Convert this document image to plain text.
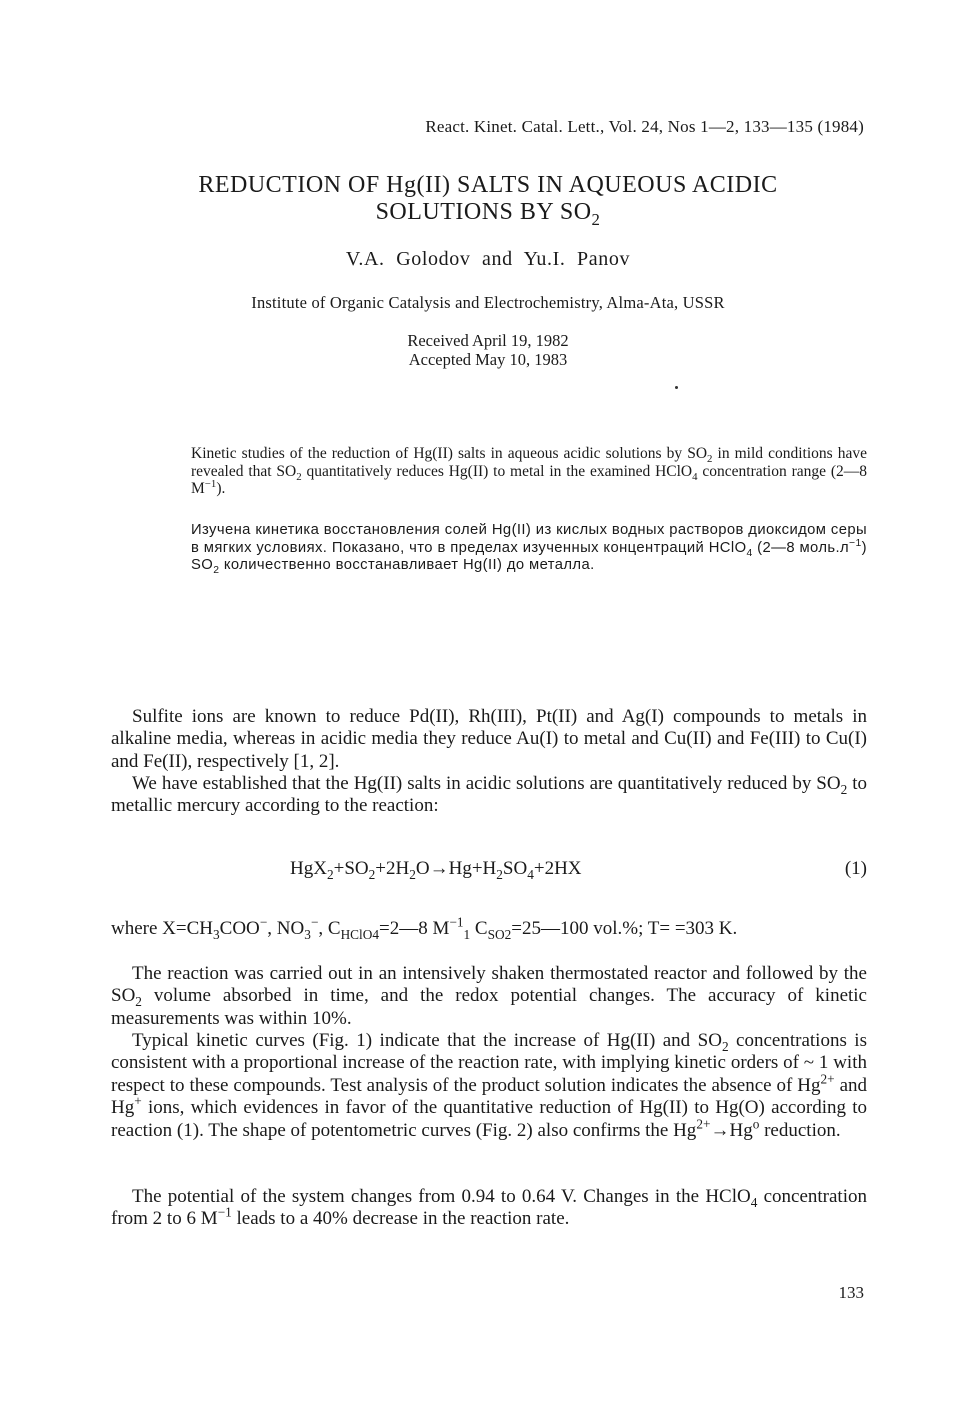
React. Kinet. Catal. Lett., Vol. 24, Nos 1—2, 133—135 (1984)
REDUCTION OF Hg(II) SALTS IN AQUEOUS ACIDIC
SOLUTIONS BY $SO_2$
V.A. Golodov and Yu.I. Panov
Institute of Organic Catalysis and Electrochemistry, Alma-Ata, USSR
Received April 19, 1982
Accepted May 10, 1983
Kinetic studies of the reduction of Hg(II) salts in aqueous acidic solutions by $SO_2$ in mild conditions have revealed that $SO_2$ quantitatively reduces Hg(II) to metal in the examined HClO$_4$ concentration range (2—8 $M^{-1}$).
Изучена кинетика восстановления солей Hg(II) из кислых водных растворов диоксидом серы в мягких условиях. Показано, что в пределах изученных концентраций HClO$_4$ (2—8 $моль.л^{-1}$) $SO_2$ количественно восстанавливает Hg(II) до металла.
Sulfite ions are known to reduce Pd(II), Rh(III), Pt(II) and Ag(I) compounds to metals in alkaline media, whereas in acidic media they reduce Au(I) to metal and Cu(II) and Fe(III) to Cu(I) and Fe(II), respectively [1, 2].
We have established that the Hg(II) salts in acidic solutions are quantitatively reduced by $SO_2$ to metallic mercury according to the reaction:
$HgX_2+SO_2+2H_2O\to Hg+H_2SO_4+2HX$	(1)
where $X=CH_3COO^-$, $NO_3^-$, $C_{HClO4}=2—8$ $M^{-1}_1$ $C_{SO2}=25—100$ vol.%; T= =303 K.
The reaction was carried out in an intensively shaken thermostated reactor and followed by the $SO_2$ volume absorbed in time, and the redox potential changes. The accuracy of kinetic measurements was within 10%.
Typical kinetic curves (Fig. 1) indicate that the increase of Hg(II) and $SO_2$ concentrations is consistent with a proportional increase of the reaction rate, with implying kinetic orders of ~ 1 with respect to these compounds. Test analysis of the product solution indicates the absence of $Hg^{2+}$ and Hg+ ions, which evidences in favor of the quantitative reduction of Hg(II) to Hg(O) according to reaction (1). The shape of potentometric curves (Fig. 2) also confirms the $Hg^{2+}\to Hg^o$ reduction.
The potential of the system changes from 0.94 to 0.64 V. Changes in the HClO$_4$ concentration from 2 to 6 $M^{-1}$ leads to a 40% decrease in the reaction rate.
133
